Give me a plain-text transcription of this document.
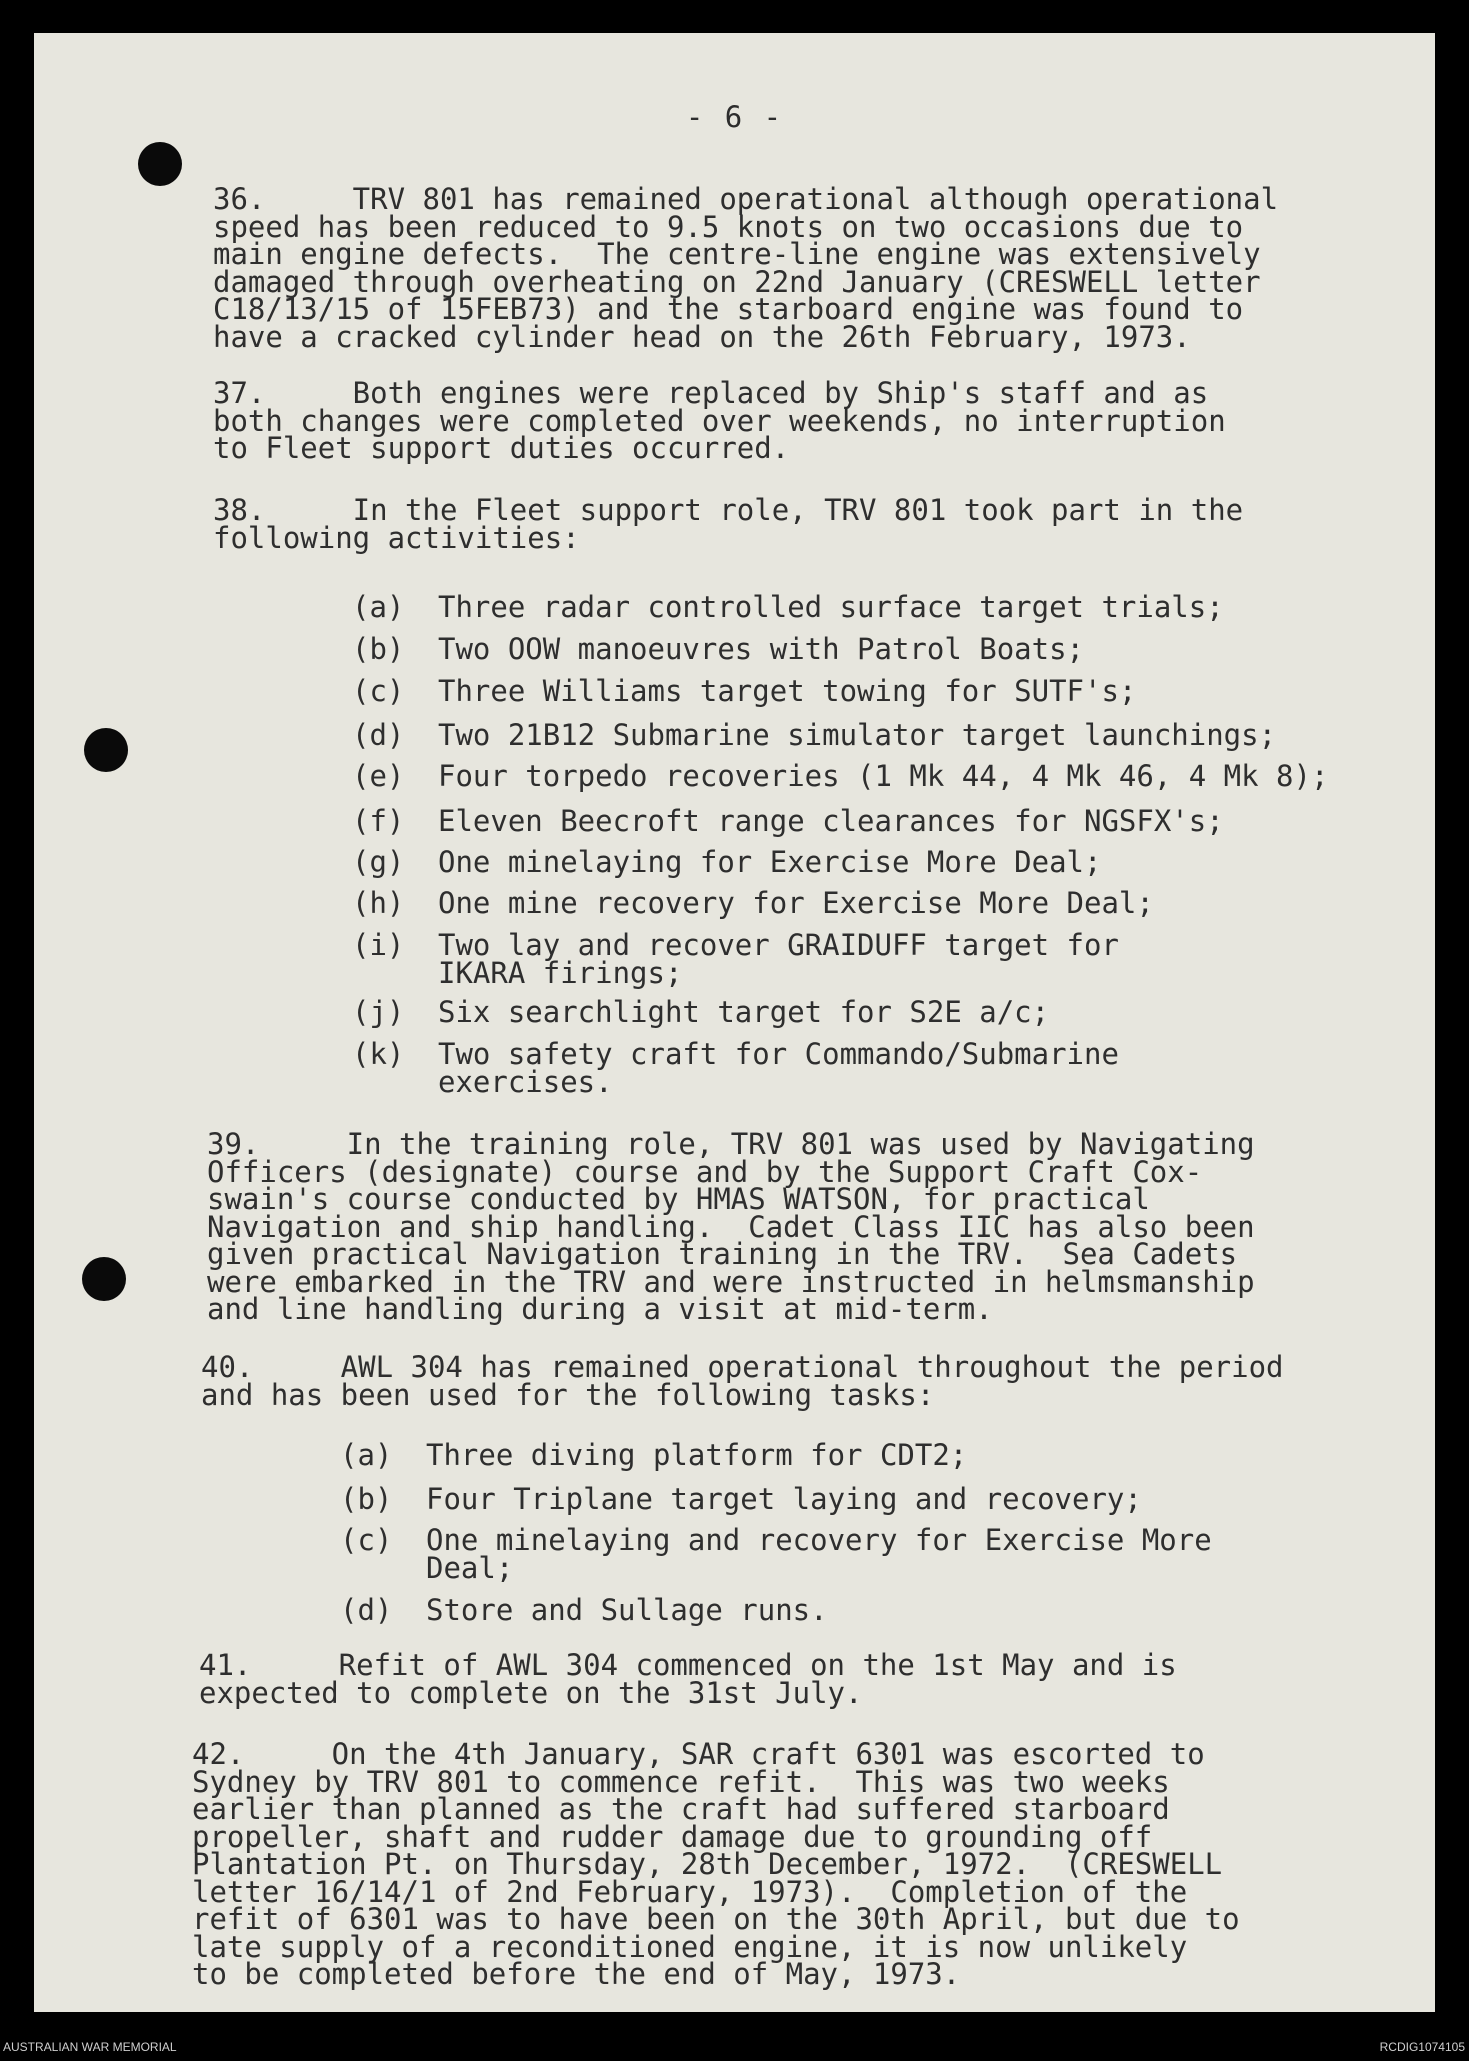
- 6 -
36.     TRV 801 has remained operational although operational
speed has been reduced to 9.5 knots on two occasions due to
main engine defects.  The centre-line engine was extensively
damaged through overheating on 22nd January (CRESWELL letter
C18/13/15 of 15FEB73) and the starboard engine was found to
have a cracked cylinder head on the 26th February, 1973.
37.     Both engines were replaced by Ship's staff and as
both changes were completed over weekends, no interruption
to Fleet support duties occurred.
38.     In the Fleet support role, TRV 801 took part in the
following activities:
39.     In the training role, TRV 801 was used by Navigating
Officers (designate) course and by the Support Craft Cox-
swain's course conducted by HMAS WATSON, for practical
Navigation and ship handling.  Cadet Class IIC has also been
given practical Navigation training in the TRV.  Sea Cadets
were embarked in the TRV and were instructed in helmsmanship
and line handling during a visit at mid-term.
40.     AWL 304 has remained operational throughout the period
and has been used for the following tasks:
41.     Refit of AWL 304 commenced on the 1st May and is
expected to complete on the 31st July.
42.     On the 4th January, SAR craft 6301 was escorted to
Sydney by TRV 801 to commence refit.  This was two weeks
earlier than planned as the craft had suffered starboard
propeller, shaft and rudder damage due to grounding off
Plantation Pt. on Thursday, 28th December, 1972.  (CRESWELL
letter 16/14/1 of 2nd February, 1973).  Completion of the
refit of 6301 was to have been on the 30th April, but due to
late supply of a reconditioned engine, it is now unlikely
to be completed before the end of May, 1973.
(a) Three radar controlled surface target trials;
(b) Two OOW manoeuvres with Patrol Boats;
(c) Three Williams target towing for SUTF's;
(d) Two 21B12 Submarine simulator target launchings;
(e) Four torpedo recoveries (1 Mk 44, 4 Mk 46, 4 Mk 8);
(f) Eleven Beecroft range clearances for NGSFX's;
(g) One minelaying for Exercise More Deal;
(h) One mine recovery for Exercise More Deal;
(i) Two lay and recover GRAIDUFF target for
IKARA firings;
(j) Six searchlight target for S2E a/c;
(k) Two safety craft for Commando/Submarine
exercises.
(a) Three diving platform for CDT2;
(b) Four Triplane target laying and recovery;
(c) One minelaying and recovery for Exercise More
Deal;
(d) Store and Sullage runs.
AUSTRALIAN WAR MEMORIAL	RCDIG1074105
